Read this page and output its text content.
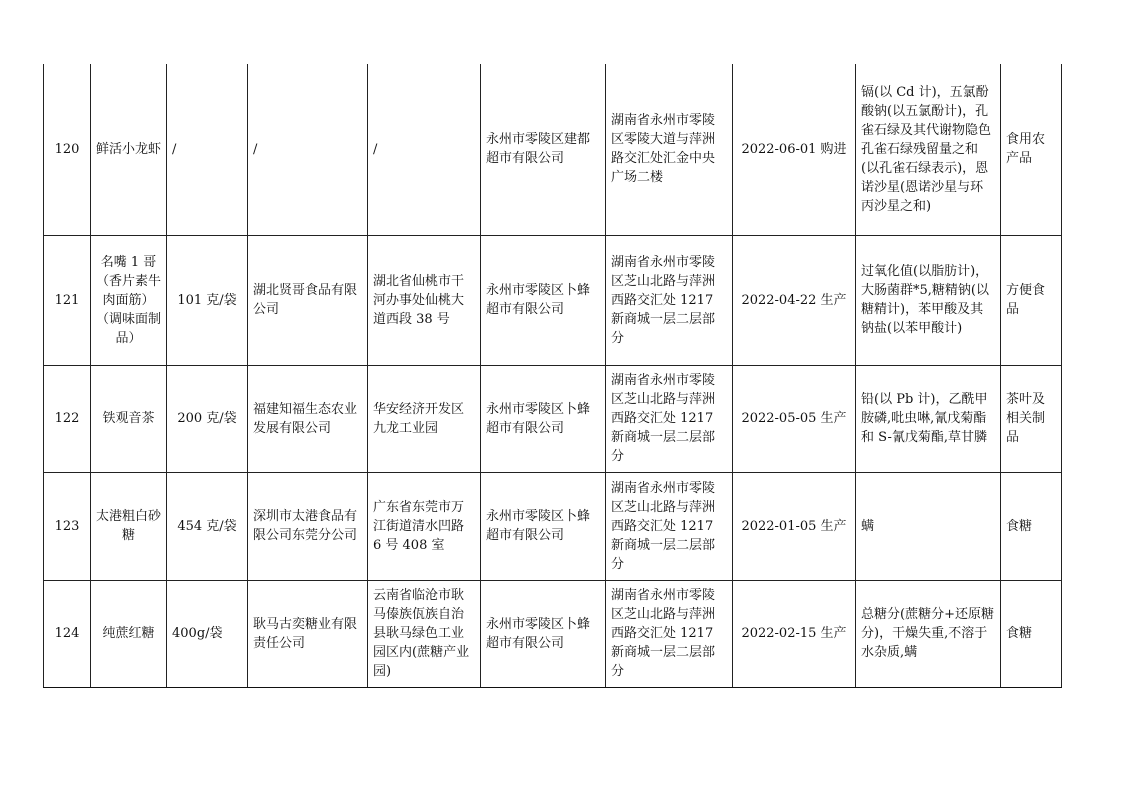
120	鲜活小龙虾	/	/	/	永州市零陵区建都超市有限公司	湖南省永州市零陵区零陵大道与萍洲路交汇处汇金中央广场二楼	2022-06-01 购进	镉(以 Cd 计)，五氯酚酸钠(以五氯酚计)，孔雀石绿及其代谢物隐色孔雀石绿残留量之和(以孔雀石绿表示)，恩诺沙星(恩诺沙星与环丙沙星之和)	食用农产品
121	名嘴 1 哥（香片素牛肉面筋）（调味面制品）	101 克/袋	湖北贤哥食品有限公司	湖北省仙桃市干河办事处仙桃大道西段 38 号	永州市零陵区卜蜂超市有限公司	湖南省永州市零陵区芝山北路与萍洲西路交汇处 1217 新商城一层二层部分	2022-04-22 生产	过氧化值(以脂肪计)，大肠菌群*5,糖精钠(以糖精计)，苯甲酸及其钠盐(以苯甲酸计)	方便食品
122	铁观音茶	200 克/袋	福建知福生态农业发展有限公司	华安经济开发区九龙工业园	永州市零陵区卜蜂超市有限公司	湖南省永州市零陵区芝山北路与萍洲西路交汇处 1217 新商城一层二层部分	2022-05-05 生产	铅(以 Pb 计)，乙酰甲胺磷,吡虫啉,氰戊菊酯和 S-氰戊菊酯,草甘膦	茶叶及相关制品
123	太港粗白砂糖	454 克/袋	深圳市太港食品有限公司东莞分公司	广东省东莞市万江街道清水凹路 6 号 408 室	永州市零陵区卜蜂超市有限公司	湖南省永州市零陵区芝山北路与萍洲西路交汇处 1217 新商城一层二层部分	2022-01-05 生产	螨	食糖
124	纯蔗红糖	400g/袋	耿马古奕糖业有限责任公司	云南省临沧市耿马傣族佤族自治县耿马绿色工业园区内(蔗糖产业园)	永州市零陵区卜蜂超市有限公司	湖南省永州市零陵区芝山北路与萍洲西路交汇处 1217 新商城一层二层部分	2022-02-15 生产	总糖分(蔗糖分+还原糖分)，干燥失重,不溶于水杂质,螨	食糖
